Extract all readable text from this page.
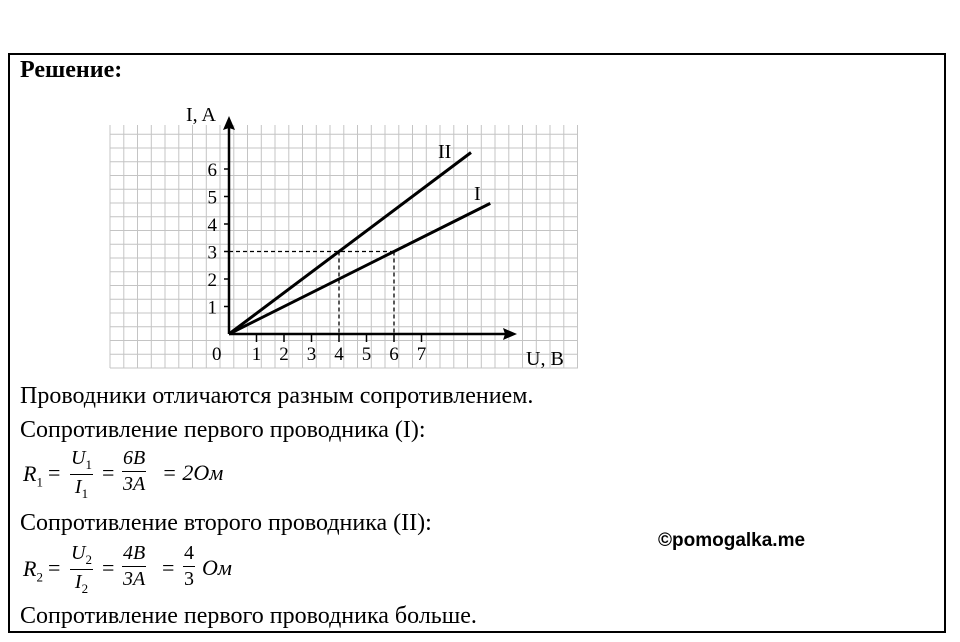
Решение:
1 2 3 4 5 6 7
1
2
3
4
5
6
I, A
U, B
0
II
I
Проводники отличаются разным сопротивлением.
Сопротивление первого проводника (I):
$R_1 = \frac{U_1}{I_1} = \frac{6B}{3A} = 2Ом$
Сопротивление второго проводника (II):
©pomogalka.me
$R_2 = \frac{U_2}{I_2} = \frac{4B}{3A} = \frac{4}{3}$ Ом
Сопротивление первого проводника больше.
